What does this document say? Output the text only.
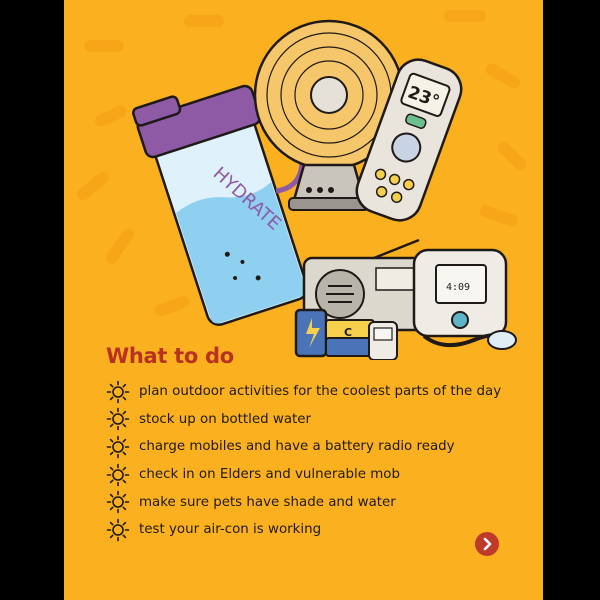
HYDRATE
23°
4:09
C
What to do
plan outdoor activities for the coolest parts of the day
stock up on bottled water
charge mobiles and have a battery radio ready
check in on Elders and vulnerable mob
make sure pets have shade and water
test your air-con is working
